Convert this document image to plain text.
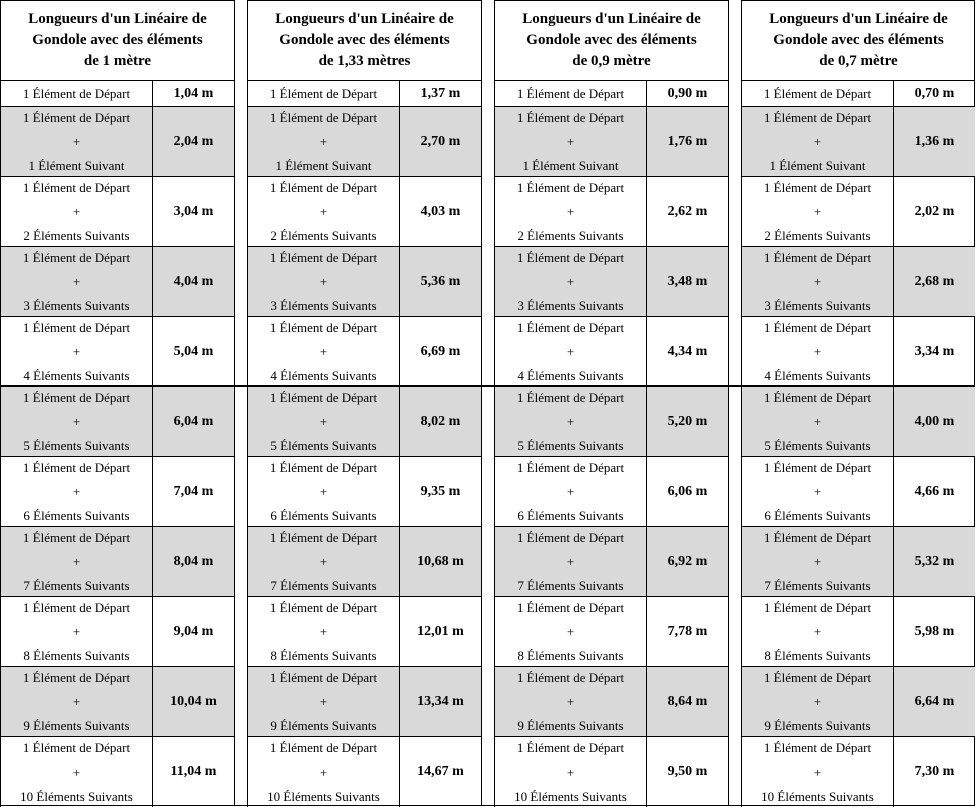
Longueurs d'un Linéaire de
Gondole avec des éléments
de 1 mètre
1 Élément de Départ	1,04 m
1 Élément de Départ
+
1 Élément Suivant
2,04 m
1 Élément de Départ
+
2 Éléments Suivants
3,04 m
1 Élément de Départ
+
3 Éléments Suivants
4,04 m
1 Élément de Départ
+
4 Éléments Suivants
5,04 m
1 Élément de Départ
+
5 Éléments Suivants
6,04 m
1 Élément de Départ
+
6 Éléments Suivants
7,04 m
1 Élément de Départ
+
7 Éléments Suivants
8,04 m
1 Élément de Départ
+
8 Éléments Suivants
9,04 m
1 Élément de Départ
+
9 Éléments Suivants
10,04 m
1 Élément de Départ
+
10 Éléments Suivants
11,04 m
Longueurs d'un Linéaire de
Gondole avec des éléments
de 1,33 mètres
1 Élément de Départ	1,37 m
1 Élément de Départ
+
1 Élément Suivant
2,70 m
1 Élément de Départ
+
2 Éléments Suivants
4,03 m
1 Élément de Départ
+
3 Éléments Suivants
5,36 m
1 Élément de Départ
+
4 Éléments Suivants
6,69 m
1 Élément de Départ
+
5 Éléments Suivants
8,02 m
1 Élément de Départ
+
6 Éléments Suivants
9,35 m
1 Élément de Départ
+
7 Éléments Suivants
10,68 m
1 Élément de Départ
+
8 Éléments Suivants
12,01 m
1 Élément de Départ
+
9 Éléments Suivants
13,34 m
1 Élément de Départ
+
10 Éléments Suivants
14,67 m
Longueurs d'un Linéaire de
Gondole avec des éléments
de 0,9 mètre
1 Élément de Départ	0,90 m
1 Élément de Départ
+
1 Élément Suivant
1,76 m
1 Élément de Départ
+
2 Éléments Suivants
2,62 m
1 Élément de Départ
+
3 Éléments Suivants
3,48 m
1 Élément de Départ
+
4 Éléments Suivants
4,34 m
1 Élément de Départ
+
5 Éléments Suivants
5,20 m
1 Élément de Départ
+
6 Éléments Suivants
6,06 m
1 Élément de Départ
+
7 Éléments Suivants
6,92 m
1 Élément de Départ
+
8 Éléments Suivants
7,78 m
1 Élément de Départ
+
9 Éléments Suivants
8,64 m
1 Élément de Départ
+
10 Éléments Suivants
9,50 m
Longueurs d'un Linéaire de
Gondole avec des éléments
de 0,7 mètre
1 Élément de Départ	0,70 m
1 Élément de Départ
+
1 Élément Suivant
1,36 m
1 Élément de Départ
+
2 Éléments Suivants
2,02 m
1 Élément de Départ
+
3 Éléments Suivants
2,68 m
1 Élément de Départ
+
4 Éléments Suivants
3,34 m
1 Élément de Départ
+
5 Éléments Suivants
4,00 m
1 Élément de Départ
+
6 Éléments Suivants
4,66 m
1 Élément de Départ
+
7 Éléments Suivants
5,32 m
1 Élément de Départ
+
8 Éléments Suivants
5,98 m
1 Élément de Départ
+
9 Éléments Suivants
6,64 m
1 Élément de Départ
+
10 Éléments Suivants
7,30 m
